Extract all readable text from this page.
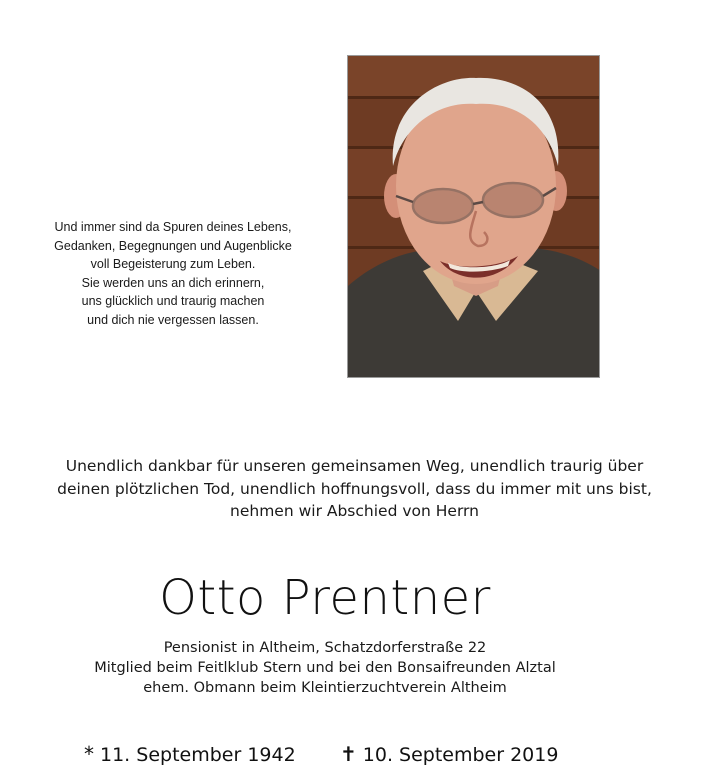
Und immer sind da Spuren deines Lebens,
Gedanken, Begegnungen und Augenblicke
voll Begeisterung zum Leben.
Sie werden uns an dich erinnern,
uns glücklich und traurig machen
und dich nie vergessen lassen.
Unendlich dankbar für unseren gemeinsamen Weg, unendlich traurig über
deinen plötzlichen Tod, unendlich hoffnungsvoll, dass du immer mit uns bist,
nehmen wir Abschied von Herrn
Otto Prentner
Pensionist in Altheim, Schatzdorferstraße 22
Mitglied beim Feitlklub Stern und bei den Bonsaifreunden Alztal
ehem. Obmann beim Kleintierzuchtverein Altheim
* 11. September 1942 ✝ 10. September 2019
